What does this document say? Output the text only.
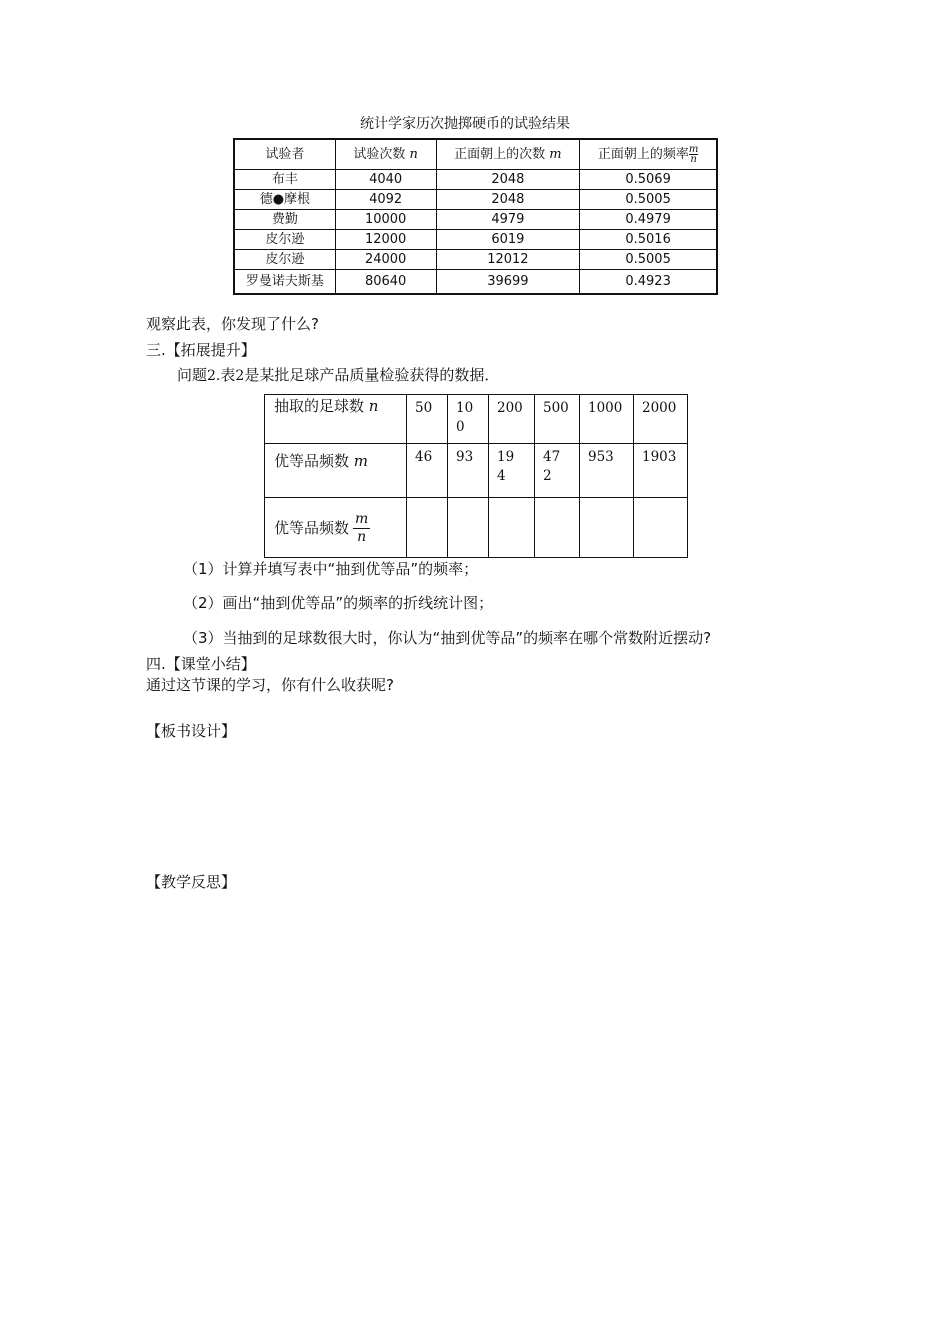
统计学家历次抛掷硬币的试验结果
试验者	试验次数 n	正面朝上的次数 m	正面朝上的频率 $\frac{m}{n}$

布丰	4040	2048	0.5069
德●摩根	4092	2048	0.5005
费勤	10000	4979	0.4979
皮尔逊	12000	6019	0.5016
皮尔逊	24000	12012	0.5005
罗曼诺夫斯基	80640	39699	0.4923
观察此表，你发现了什么?
三.【拓展提升】
问题2.表2是某批足球产品质量检验获得的数据．
抽取的足球数 n	50	100	200	500	1000	2000
优等品频数 m	46	93	194	472	953	1903
优等品频数 $\frac{m}{n}$

（1）计算并填写表中“抽到优等品”的频率；
（2）画出“抽到优等品”的频率的折线统计图；
（3）当抽到的足球数很大时，你认为“抽到优等品”的频率在哪个常数附近摆动?
四.【课堂小结】
通过这节课的学习，你有什么收获呢?
【板书设计】
【教学反思】
